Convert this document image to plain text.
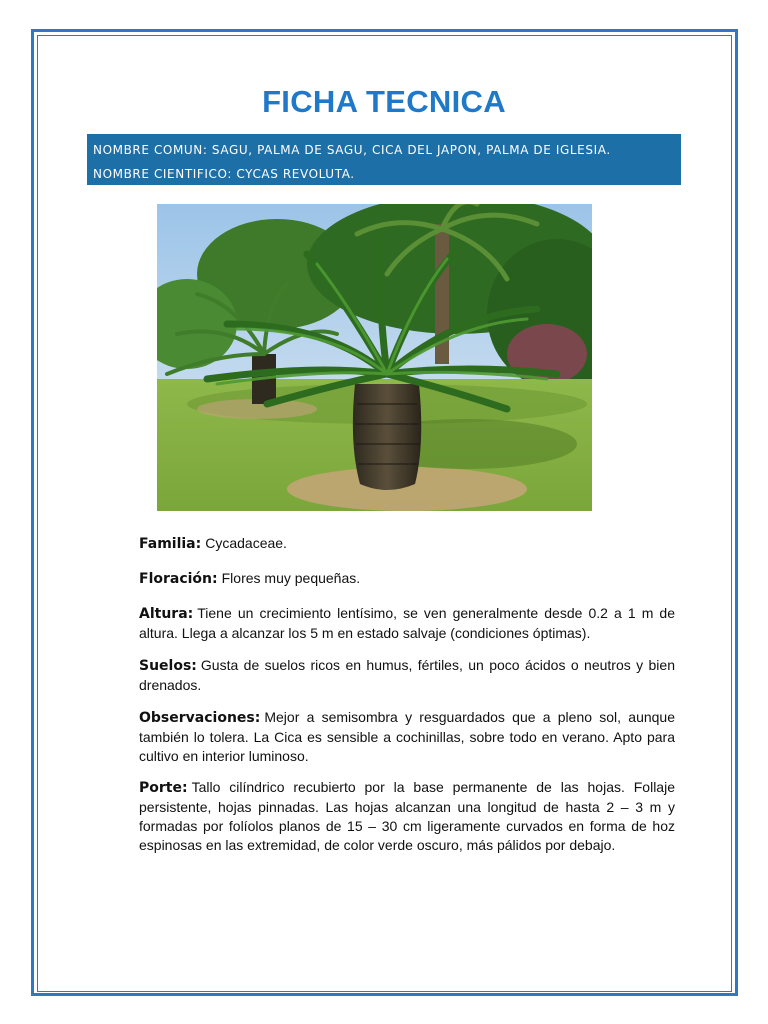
FICHA TECNICA
NOMBRE COMUN: SAGU, PALMA DE SAGU, CICA DEL JAPON, PALMA DE IGLESIA.
NOMBRE CIENTIFICO: CYCAS REVOLUTA.
Familia: Cycadaceae.
Floración: Flores muy pequeñas.
Altura: Tiene un crecimiento lentísimo, se ven generalmente desde 0.2 a 1 m de altura. Llega a alcanzar los 5 m en estado salvaje (condiciones óptimas).
Suelos: Gusta de suelos ricos en humus, fértiles, un poco ácidos o neutros y bien drenados.
Observaciones: Mejor a semisombra y resguardados que a pleno sol, aunque también lo tolera. La Cica es sensible a cochinillas, sobre todo en verano. Apto para cultivo en interior luminoso.
Porte: Tallo cilíndrico recubierto por la base permanente de las hojas. Follaje persistente, hojas pinnadas. Las hojas alcanzan una longitud de hasta 2 – 3 m y formadas por folíolos planos de 15 – 30 cm ligeramente curvados en forma de hoz espinosas en las extremidad, de color verde oscuro, más pálidos por debajo.
